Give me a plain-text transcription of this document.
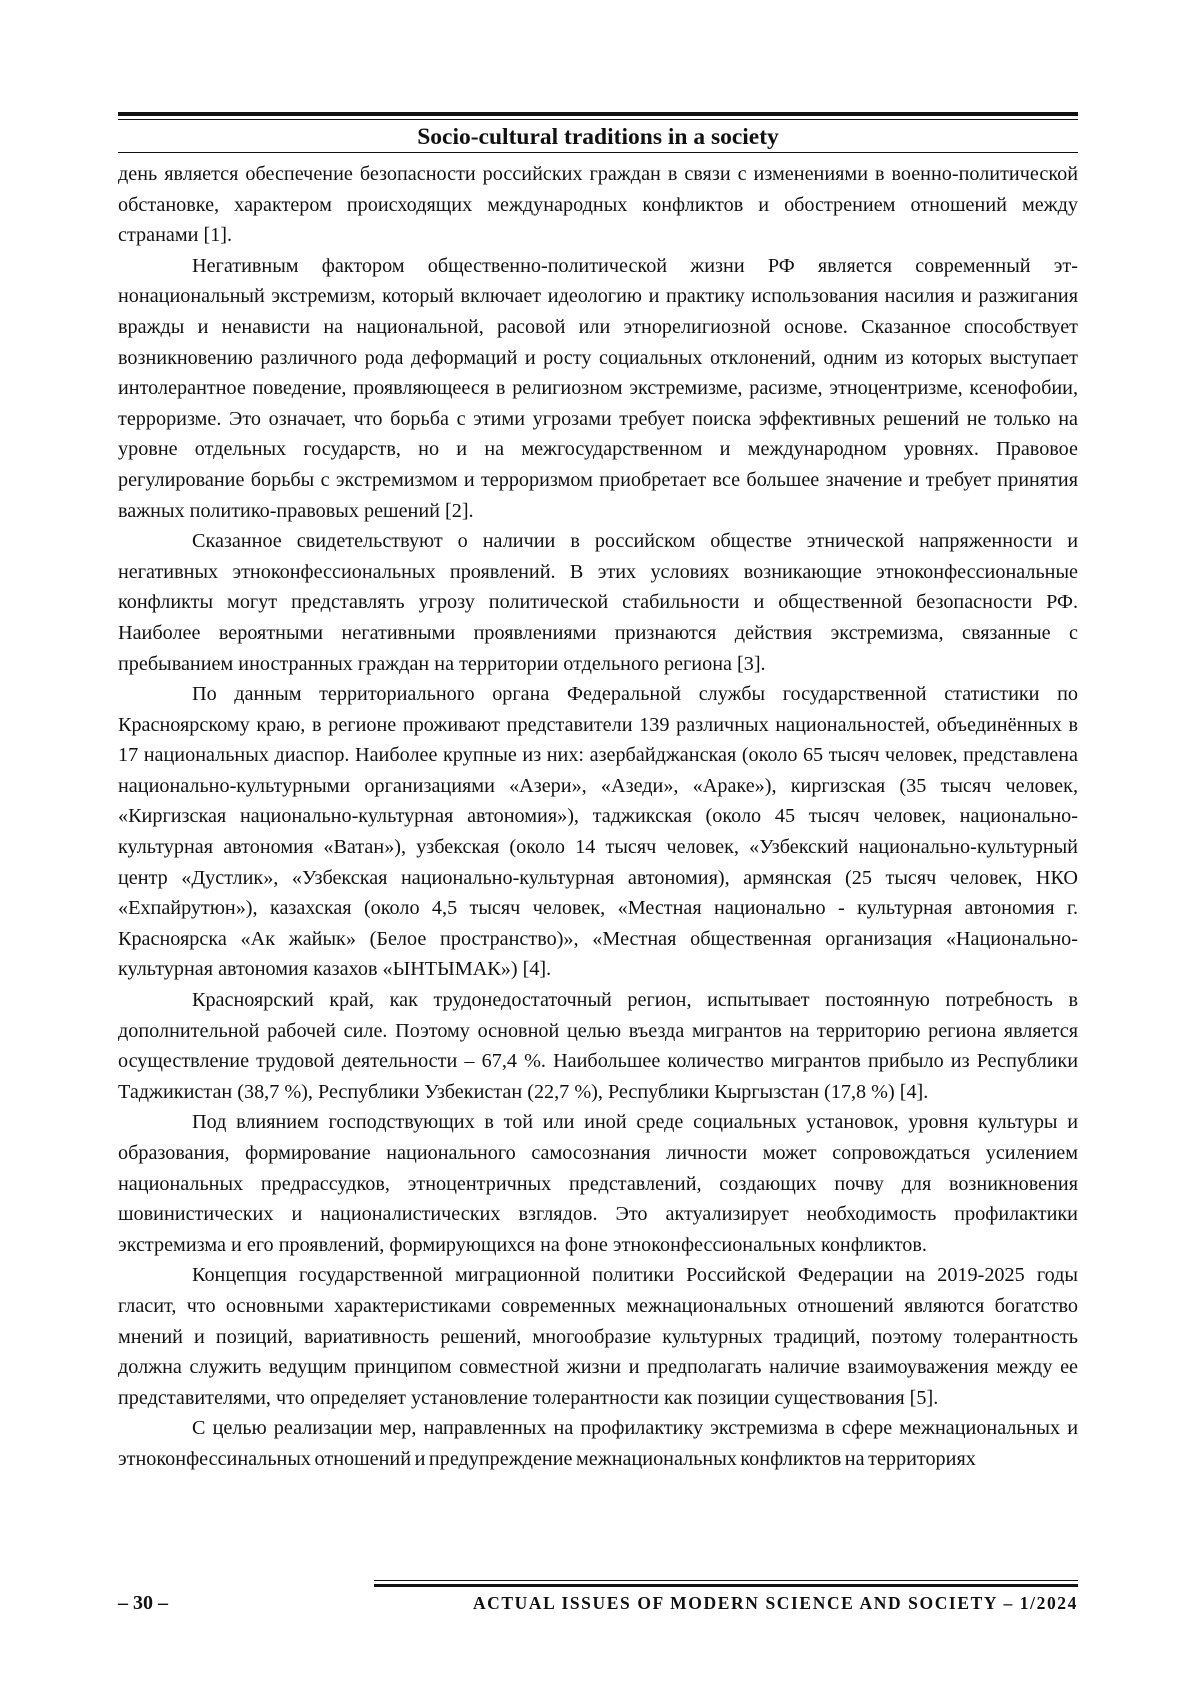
Socio-cultural traditions in a society

день является обеспечение безопасности российских граждан в связи с изменениями в военно-политической обстановке, характером происходящих международных конфликтов и обострением отношений между странами [1].

Негативным фактором общественно-политической жизни РФ является современный этнонациональный экстремизм, который включает идеологию и практику использования насилия и разжигания вражды и ненависти на национальной, расовой или этнорелигиозной основе. Сказанное способствует возникновению различного рода деформаций и росту социальных отклонений, одним из которых выступает интолерантное поведение, проявляющееся в религиозном экстремизме, расизме, этноцентризме, ксенофобии, терроризме. Это означает, что борьба с этими угрозами требует поиска эффективных решений не только на уровне отдельных государств, но и на межгосударственном и международном уровнях. Правовое регулирование борьбы с экстремизмом и терроризмом приобретает все большее значение и требует принятия важных политико-правовых решений [2].

Сказанное свидетельствуют о наличии в российском обществе этнической напряженности и негативных этноконфессиональных проявлений. В этих условиях возникающие этноконфессиональные конфликты могут представлять угрозу политической стабильности и общественной безопасности РФ. Наиболее вероятными негативными проявлениями признаются действия экстремизма, связанные с пребыванием иностранных граждан на территории отдельного региона [3].

По данным территориального органа Федеральной службы государственной статистики по Красноярскому краю, в регионе проживают представители 139 различных национальностей, объединённых в 17 национальных диаспор. Наиболее крупные из них: азербайджанская (около 65 тысяч человек, представлена национально-культурными организациями «Азери», «Азеди», «Араке»), киргизская (35 тысяч человек, «Киргизская национально-культурная автономия»), таджикская (около 45 тысяч человек, национально-культурная автономия «Ватан»), узбекская (около 14 тысяч человек, «Узбекский национально-культурный центр «Дустлик», «Узбекская национально-культурная автономия), армянская (25 тысяч человек, НКО «Ехпайрутюн»), казахская (около 4,5 тысяч человек, «Местная национально - культурная автономия г. Красноярска «Ак жайык» (Белое пространство)», «Местная общественная организация «Национально-культурная автономия казахов «ЫНТЫМАК») [4].

Красноярский край, как трудонедостаточный регион, испытывает постоянную потребность в дополнительной рабочей силе. Поэтому основной целью въезда мигрантов на территорию региона является осуществление трудовой деятельности – 67,4 %. Наибольшее количество мигрантов прибыло из Республики Таджикистан (38,7 %), Республики Узбекистан (22,7 %), Республики Кыргызстан (17,8 %) [4].

Под влиянием господствующих в той или иной среде социальных установок, уровня культуры и образования, формирование национального самосознания личности может сопровождаться усилением национальных предрассудков, этноцентричных представлений, создающих почву для возникновения шовинистических и националистических взглядов. Это актуализирует необходимость профилактики экстремизма и его проявлений, формирующихся на фоне этноконфессиональных конфликтов.

Концепция государственной миграционной политики Российской Федерации на 2019-2025 годы гласит, что основными характеристиками современных межнациональных отношений являются богатство мнений и позиций, вариативность решений, многообразие культурных традиций, поэтому толерантность должна служить ведущим принципом совместной жизни и предполагать наличие взаимоуважения между ее представителями, что определяет установление толерантности как позиции существования [5].

С целью реализации мер, направленных на профилактику экстремизма в сфере межнациональных и этноконфессинальных отношений и предупреждение межнациональных конфликтов на территориях

– 30 –	ACTUAL ISSUES OF MODERN SCIENCE AND SOCIETY – 1/2024
